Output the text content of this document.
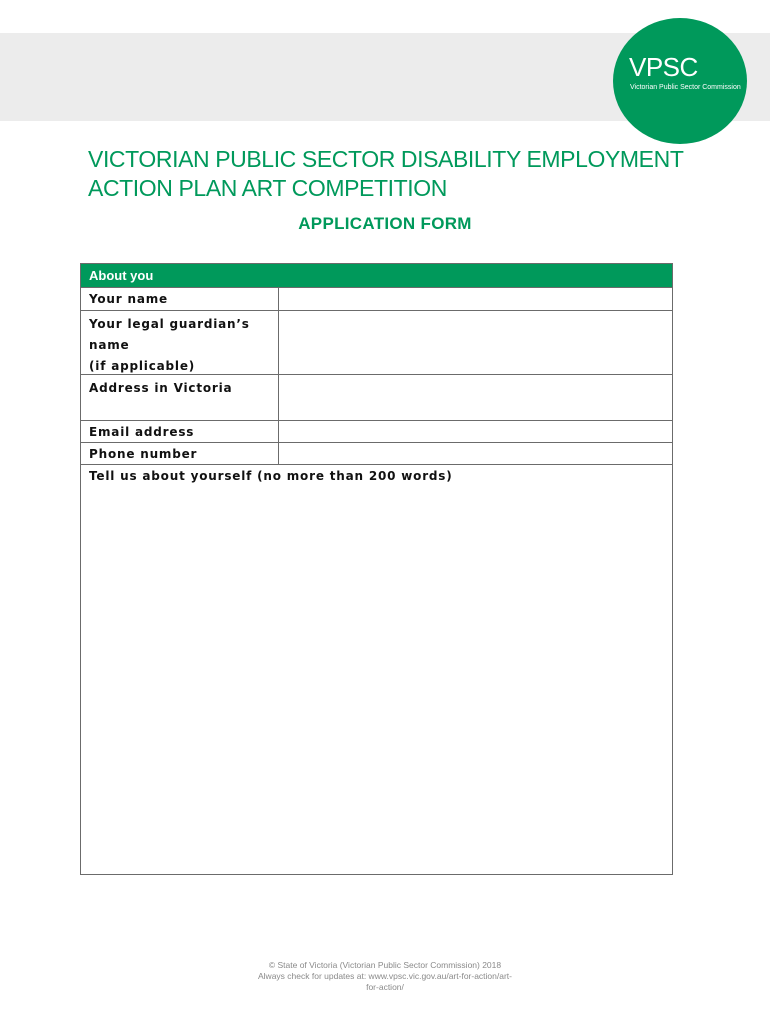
VPSC
Victorian Public Sector Commission
VICTORIAN PUBLIC SECTOR DISABILITY EMPLOYMENT
ACTION PLAN ART COMPETITION
APPLICATION FORM
About you
Your name
Your legal guardian’s
name
(if applicable)
Address in Victoria
Email address
Phone number
Tell us about yourself (no more than 200 words)
© State of Victoria (Victorian Public Sector Commission) 2018
Always check for updates at: www.vpsc.vic.gov.au/art-for-action/art-
for-action/
